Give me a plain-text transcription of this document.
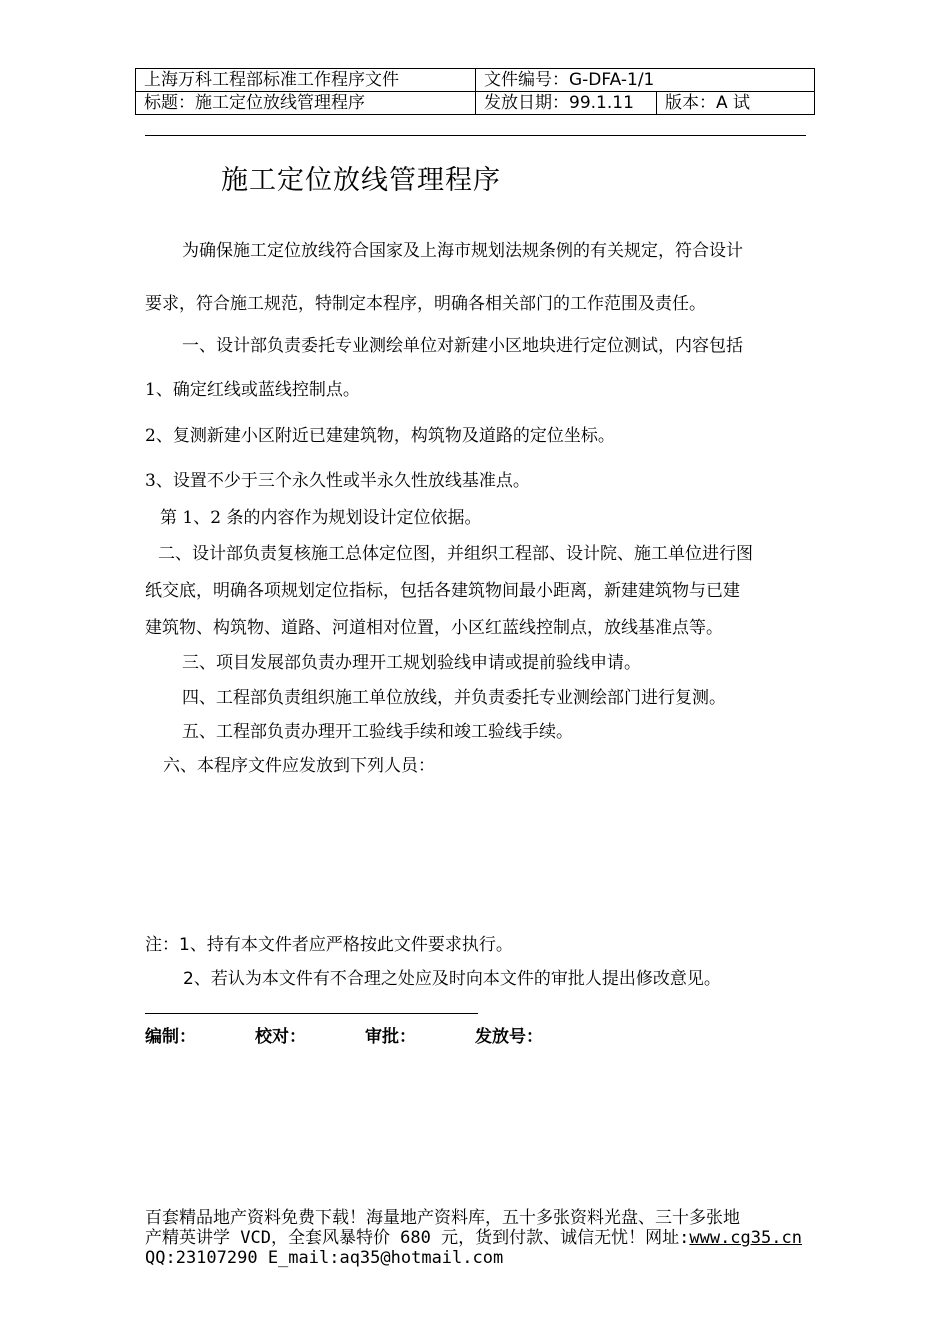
上海万科工程部标准工作程序文件	文件编号：G-DFA-1/1	
标题：施工定位放线管理程序	发放日期：99.1.11	版本：A 试
施工定位放线管理程序
为确保施工定位放线符合国家及上海市规划法规条例的有关规定，符合设计
要求，符合施工规范，特制定本程序，明确各相关部门的工作范围及责任。
一、设计部负责委托专业测绘单位对新建小区地块进行定位测试，内容包括
1、确定红线或蓝线控制点。
2、复测新建小区附近已建建筑物，构筑物及道路的定位坐标。
3、设置不少于三个永久性或半永久性放线基准点。
第 1、2 条的内容作为规划设计定位依据。
二、设计部负责复核施工总体定位图，并组织工程部、设计院、施工单位进行图
纸交底，明确各项规划定位指标，包括各建筑物间最小距离，新建建筑物与已建
建筑物、构筑物、道路、河道相对位置，小区红蓝线控制点，放线基准点等。
三、项目发展部负责办理开工规划验线申请或提前验线申请。
四、工程部负责组织施工单位放线，并负责委托专业测绘部门进行复测。
五、工程部负责办理开工验线手续和竣工验线手续。
六、本程序文件应发放到下列人员：
注：1、持有本文件者应严格按此文件要求执行。
2、若认为本文件有不合理之处应及时向本文件的审批人提出修改意见。
编制：	校对：	审批：	发放号：
百套精品地产资料免费下载！海量地产资料库，五十多张资料光盘、三十多张地
产精英讲学 VCD，全套风暴特价 680 元，货到付款、诚信无忧！网址:www.cg35.cn
QQ:23107290 E_mail:aq35@hotmail.com
